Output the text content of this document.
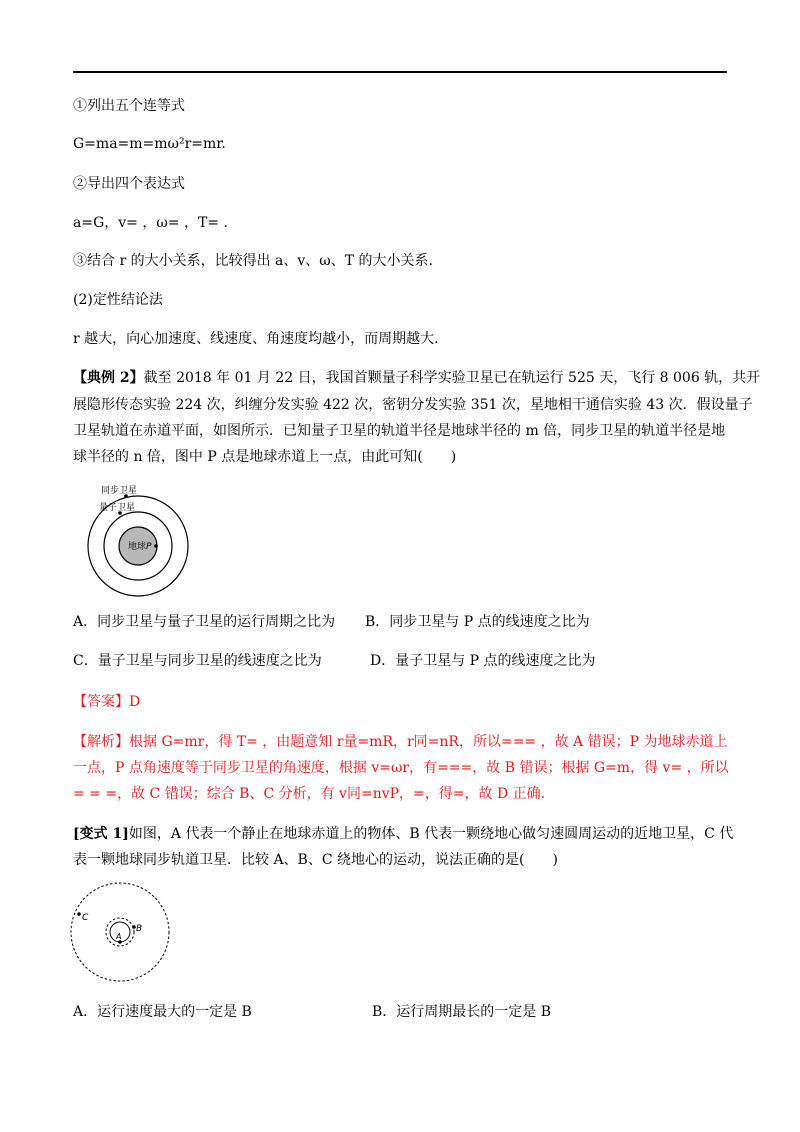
①列出五个连等式
G=ma=m=mω²r=mr.
②导出四个表达式
a=G，v= ，ω= ，T= .
③结合 r 的大小关系，比较得出 a、v、ω、T 的大小关系.
(2)定性结论法
r 越大，向心加速度、线速度、角速度均越小，而周期越大.
【典例 2】截至 2018 年 01 月 22 日，我国首颗量子科学实验卫星已在轨运行 525 天，飞行 8 006 轨，共开
展隐形传态实验 224 次，纠缠分发实验 422 次，密钥分发实验 351 次，星地相干通信实验 43 次．假设量子
卫星轨道在赤道平面，如图所示．已知量子卫星的轨道半径是地球半径的 m 倍，同步卫星的轨道半径是地
球半径的 n 倍，图中 P 点是地球赤道上一点，由此可知(　　)
同步卫星
量子卫星
地球 P
A．同步卫星与量子卫星的运行周期之比为 B．同步卫星与 P 点的线速度之比为
C．量子卫星与同步卫星的线速度之比为	D．量子卫星与 P 点的线速度之比为
【答案】D
【解析】根据 G=mr，得 T= ，由题意知 r量=mR，r同=nR，所以=== ，故 A 错误；P 为地球赤道上
一点，P 点角速度等于同步卫星的角速度，根据 v=ωr，有===，故 B 错误；根据 G=m，得 v= ，所以
= = =，故 C 错误；综合 B、C 分析，有 v同=nvP，=，得=，故 D 正确.
[变式 1]如图，A 代表一个静止在地球赤道上的物体、B 代表一颗绕地心做匀速圆周运动的近地卫星，C 代
表一颗地球同步轨道卫星．比较 A、B、C 绕地心的运动，说法正确的是(　　)
C
B
A
A．运行速度最大的一定是 B	B．运行周期最长的一定是 B
